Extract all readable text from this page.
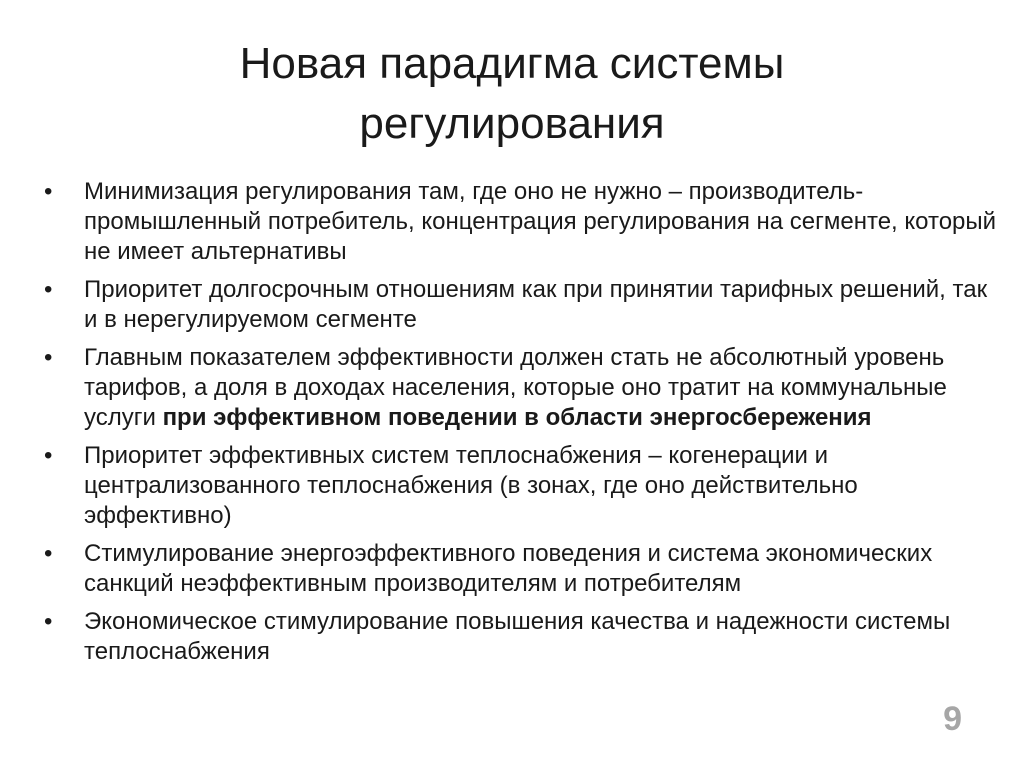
Новая парадигма системы
регулирования
•	Минимизация регулирования там, где оно не нужно – производитель- промышленный потребитель, концентрация регулирования на сегменте, который не имеет альтернативы
•	Приоритет долгосрочным отношениям как при принятии тарифных решений, так и в нерегулируемом сегменте
•	Главным показателем эффективности должен стать не абсолютный уровень тарифов, а доля в доходах населения, которые оно тратит на коммунальные услуги при эффективном поведении в области энергосбережения
•	Приоритет эффективных систем теплоснабжения – когенерации и централизованного теплоснабжения (в зонах, где оно действительно эффективно)
•	Стимулирование энергоэффективного поведения и система экономических санкций неэффективным производителям и потребителям
•	Экономическое стимулирование повышения качества и надежности системы теплоснабжения
9
